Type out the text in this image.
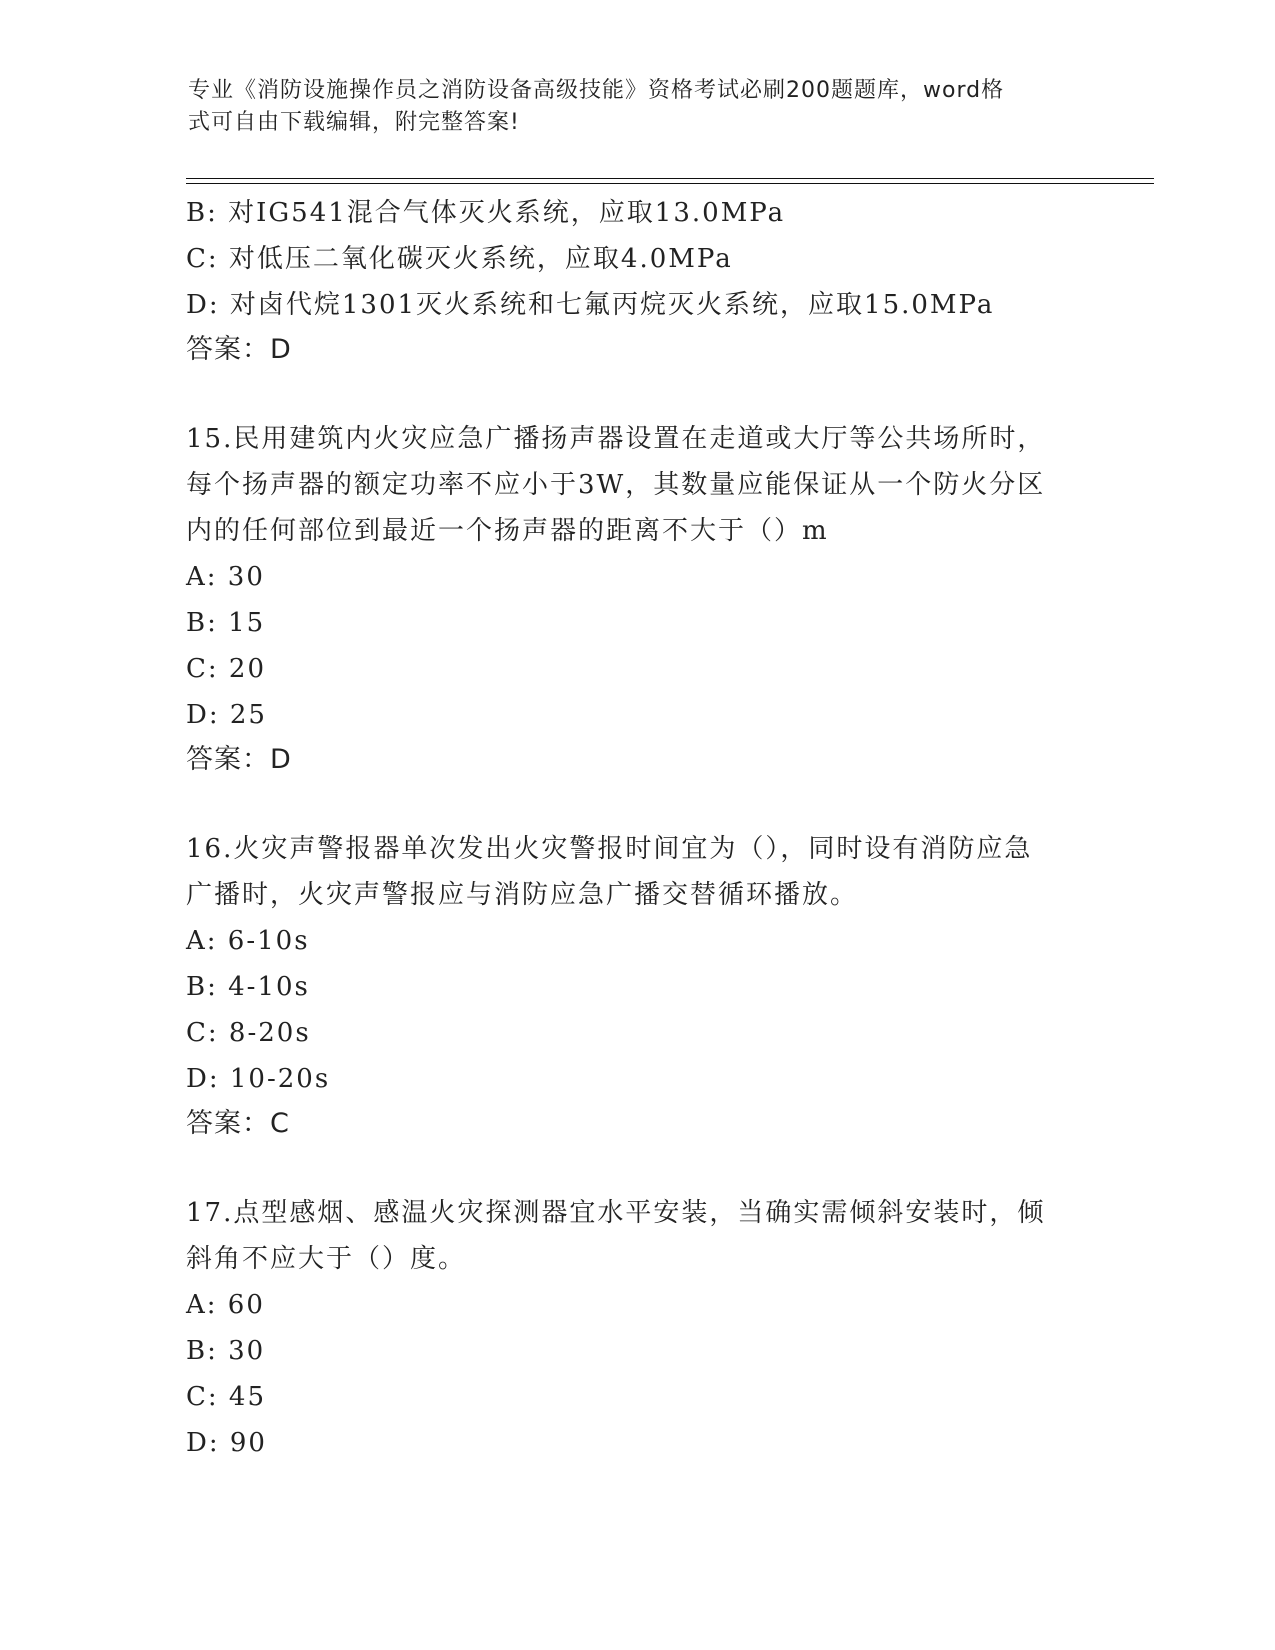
专业《消防设施操作员之消防设备高级技能》资格考试必刷200题题库，word格
式可自由下载编辑，附完整答案!
B: 对IG541混合气体灭火系统，应取13.0MPa
C: 对低压二氧化碳灭火系统，应取4.0MPa
D: 对卤代烷1301灭火系统和七氟丙烷灭火系统，应取15.0MPa
答案：D
15.民用建筑内火灾应急广播扬声器设置在走道或大厅等公共场所时，
每个扬声器的额定功率不应小于3W，其数量应能保证从一个防火分区
内的任何部位到最近一个扬声器的距离不大于（）m
A: 30
B: 15
C: 20
D: 25
答案：D
16.火灾声警报器单次发出火灾警报时间宜为（），同时设有消防应急
广播时，火灾声警报应与消防应急广播交替循环播放。
A: 6-10s
B: 4-10s
C: 8-20s
D: 10-20s
答案：C
17.点型感烟、感温火灾探测器宜水平安装，当确实需倾斜安装时，倾
斜角不应大于（）度。
A: 60
B: 30
C: 45
D: 90
